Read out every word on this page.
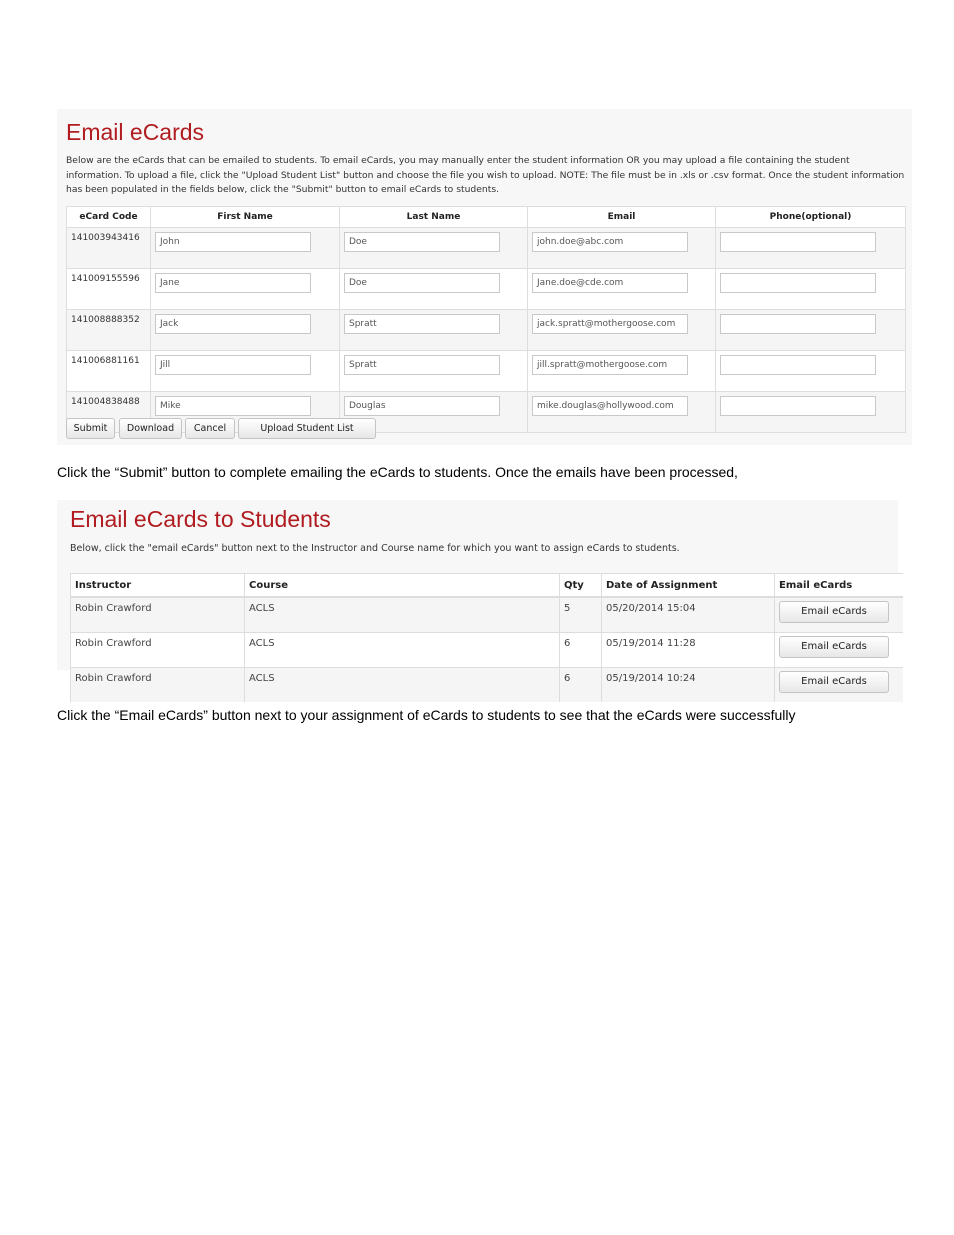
Email eCards

Below are the eCards that can be emailed to students. To email eCards, you may manually enter the student information OR you may upload a file containing the student information. To upload a file, click the "Upload Student List" button and choose the file you wish to upload. NOTE: The file must be in .xls or .csv format. Once the student information has been populated in the fields below, click the "Submit" button to email eCards to students.

eCard Code	First Name	Last Name	Email	Phone(optional)
141003943416	John	Doe	john.doe@abc.com	

141009155596	Jane	Doe	Jane.doe@cde.com	

141008888352	Jack	Spratt	jack.spratt@mothergoose.com	

141006881161	Jill	Spratt	jill.spratt@mothergoose.com	

141004838488	Mike	Douglas	mike.douglas@hollywood.com	

Submit	Download	Cancel	Upload Student List

Click the “Submit” button to complete emailing the eCards to students. Once the emails have been processed,

Email eCards to Students

Below, click the "email eCards" button next to the Instructor and Course name for which you want to assign eCards to students.

Instructor	Course	Qty	Date of Assignment	Email eCards
Robin Crawford	ACLS	5	05/20/2014 15:04	Email eCards

Robin Crawford	ACLS	6	05/19/2014 11:28	Email eCards

Robin Crawford	ACLS	6	05/19/2014 10:24	Email eCards

Click the “Email eCards” button next to your assignment of eCards to students to see that the eCards were successfully
